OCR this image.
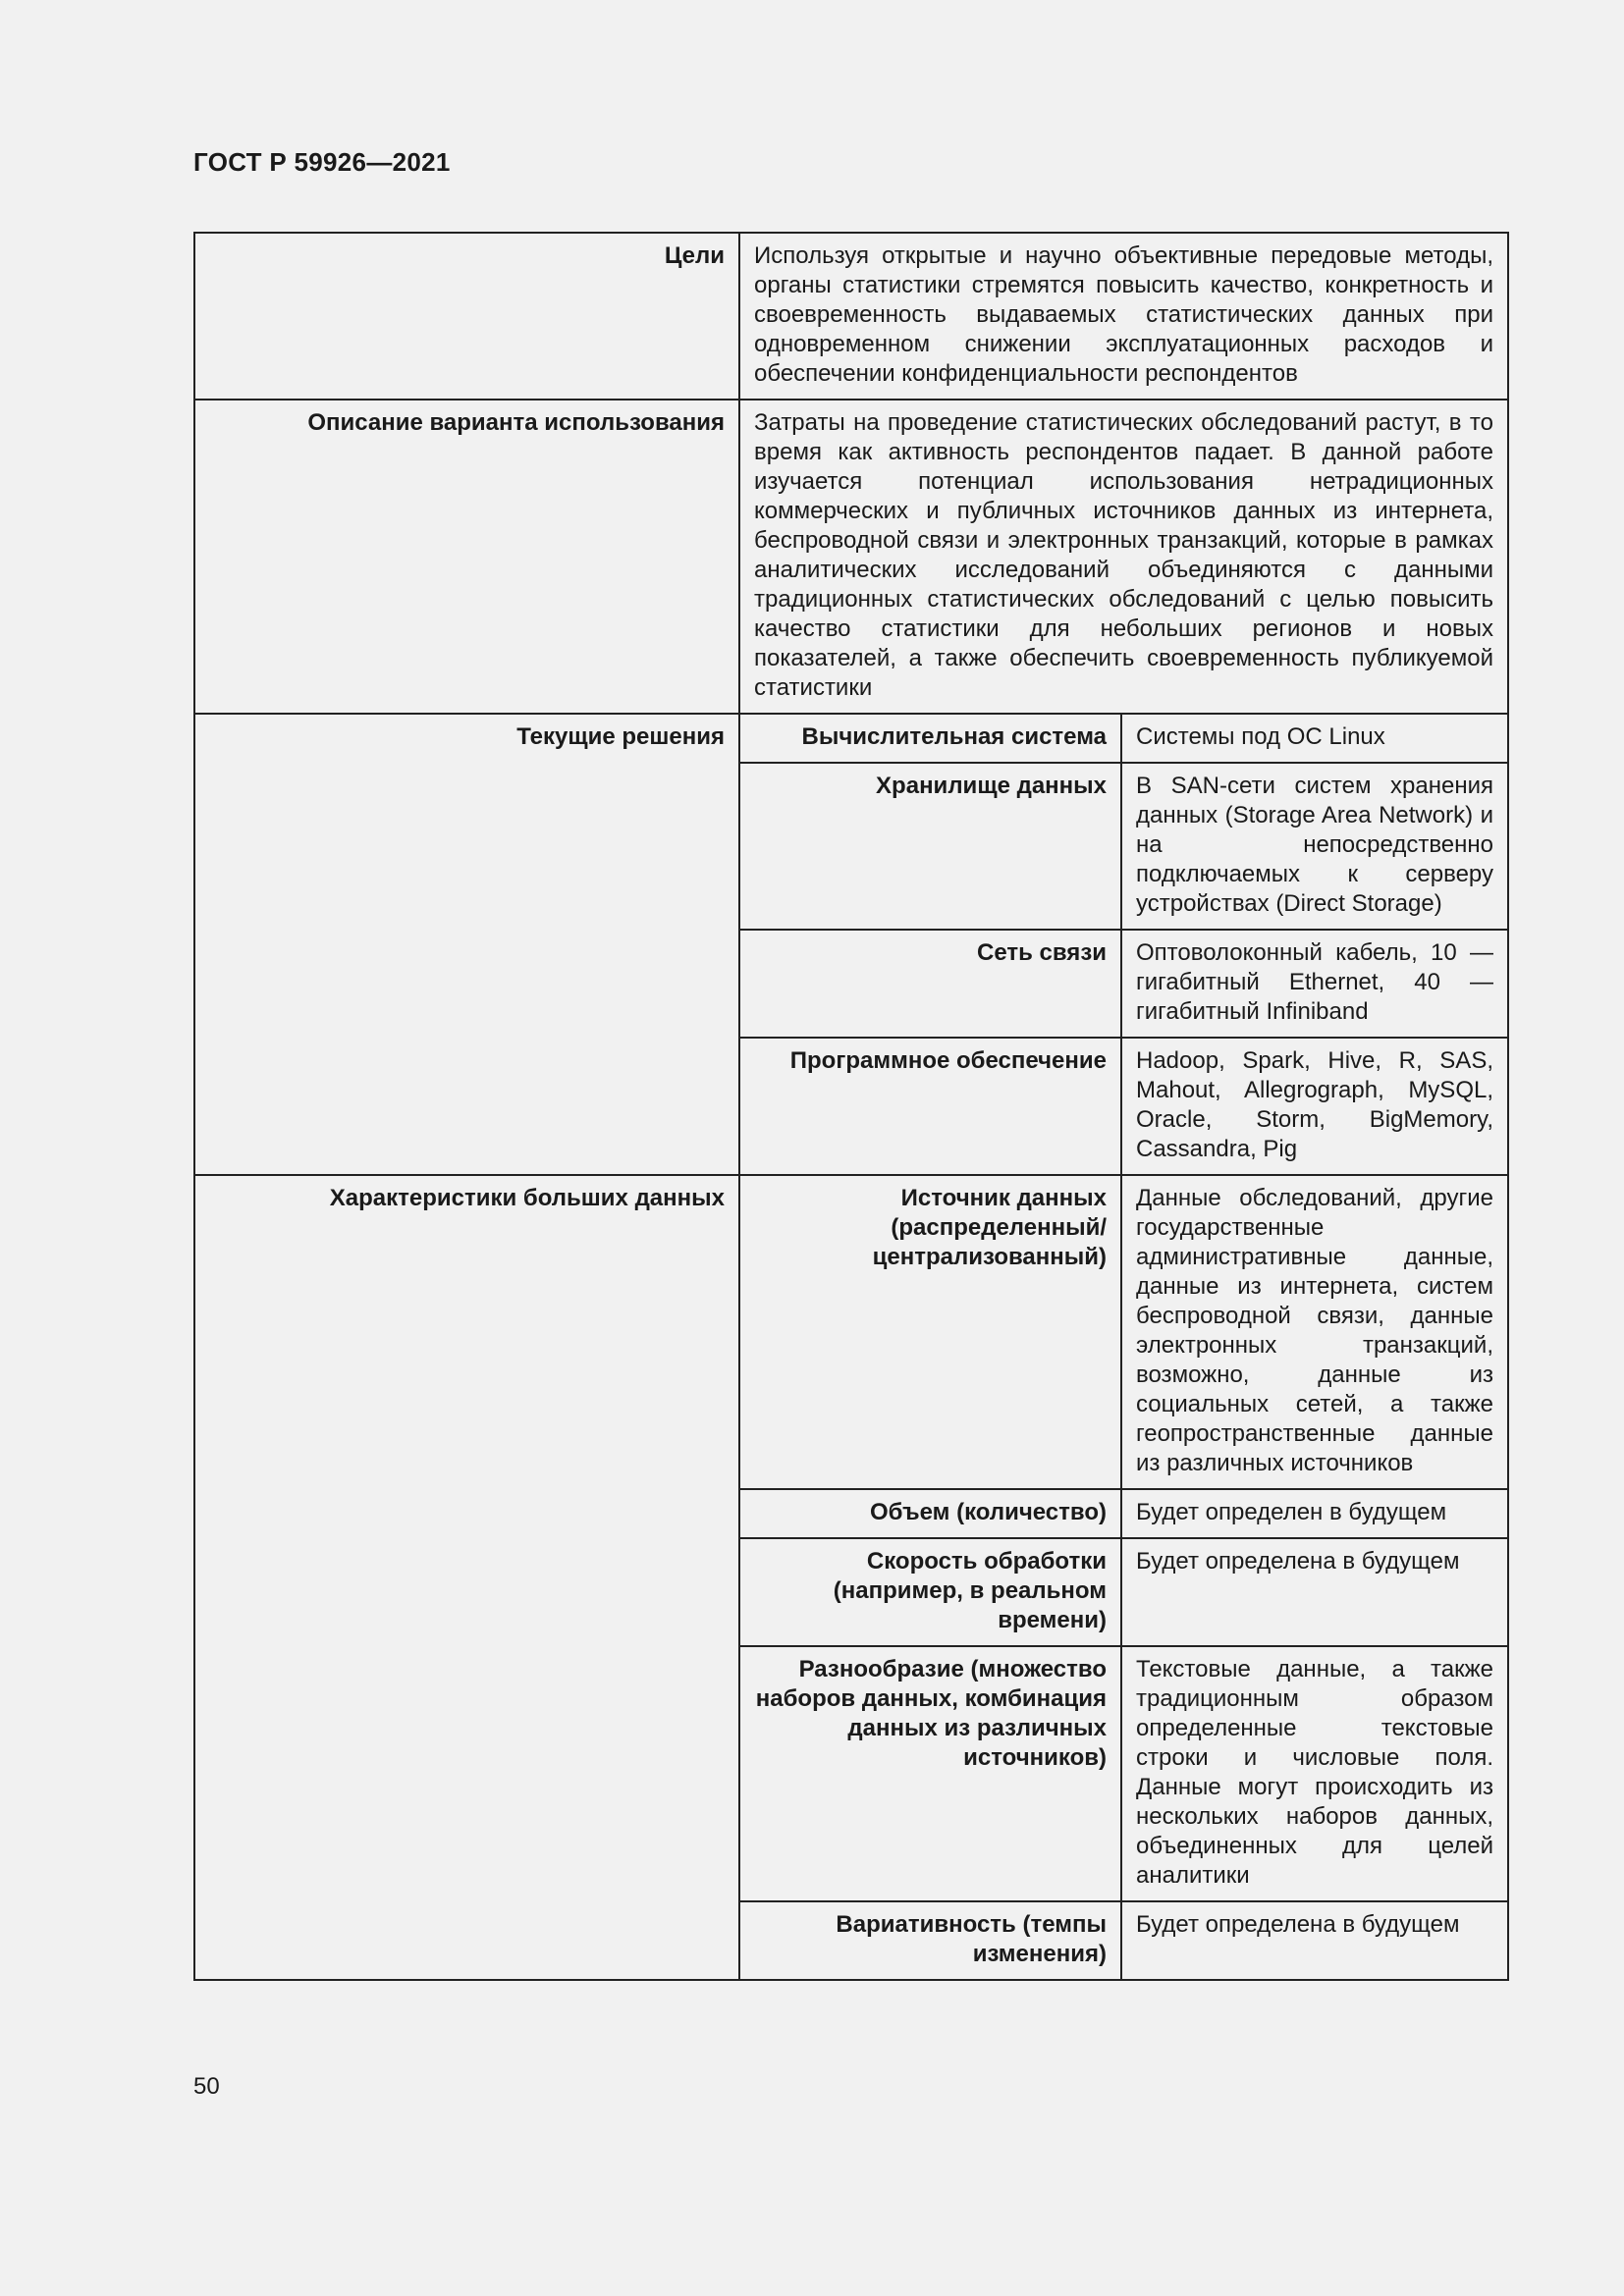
ГОСТ Р 59926—2021
Цели	Используя открытые и научно объективные передовые методы, органы статистики стремятся повысить качество, конкретность и своевременность выдаваемых статистических данных при одновременном снижении эксплуатационных расходов и обеспечении конфиденциальности респондентов	
Описание варианта использования	Затраты на проведение статистических обследований растут, в то время как активность респондентов падает. В данной работе изучается потенциал использования нетрадиционных коммерческих и публичных источников данных из интернета, беспроводной связи и электронных транзакций, которые в рамках аналитических исследований объединяются с данными традиционных статистических обследований с целью повысить качество статистики для небольших регионов и новых показателей, а также обеспечить своевременность публикуемой статистики	
Текущие решения	Вычислительная система	Системы под ОС Linux
	Хранилище данных	В SAN-сети систем хранения данных (Storage Area Network) и на непосредственно подключаемых к серверу устройствах (Direct Storage)
	Сеть связи	Оптоволоконный кабель, 10 — гигабитный Ethernet, 40 — гигабитный Infiniband
	Программное обеспечение	Hadoop, Spark, Hive, R, SAS, Mahout, Allegrograph, MySQL, Oracle, Storm, BigMemory, Cassandra, Pig
Характеристики больших данных	Источник данных (распределенный/ централизованный)	Данные обследований, другие государственные административные данные, данные из интернета, систем беспроводной связи, данные электронных транзакций, возможно, данные из социальных сетей, а также геопространственные данные из различных источников
	Объем (количество)	Будет определен в будущем
	Скорость обработки (например, в реальном времени)	Будет определена в будущем
	Разнообразие (множество наборов данных, комбинация данных из различных источников)	Текстовые данные, а также традиционным образом определенные текстовые строки и числовые поля. Данные могут происходить из нескольких наборов данных, объединенных для целей аналитики
	Вариативность (темпы изменения)	Будет определена в будущем
50
